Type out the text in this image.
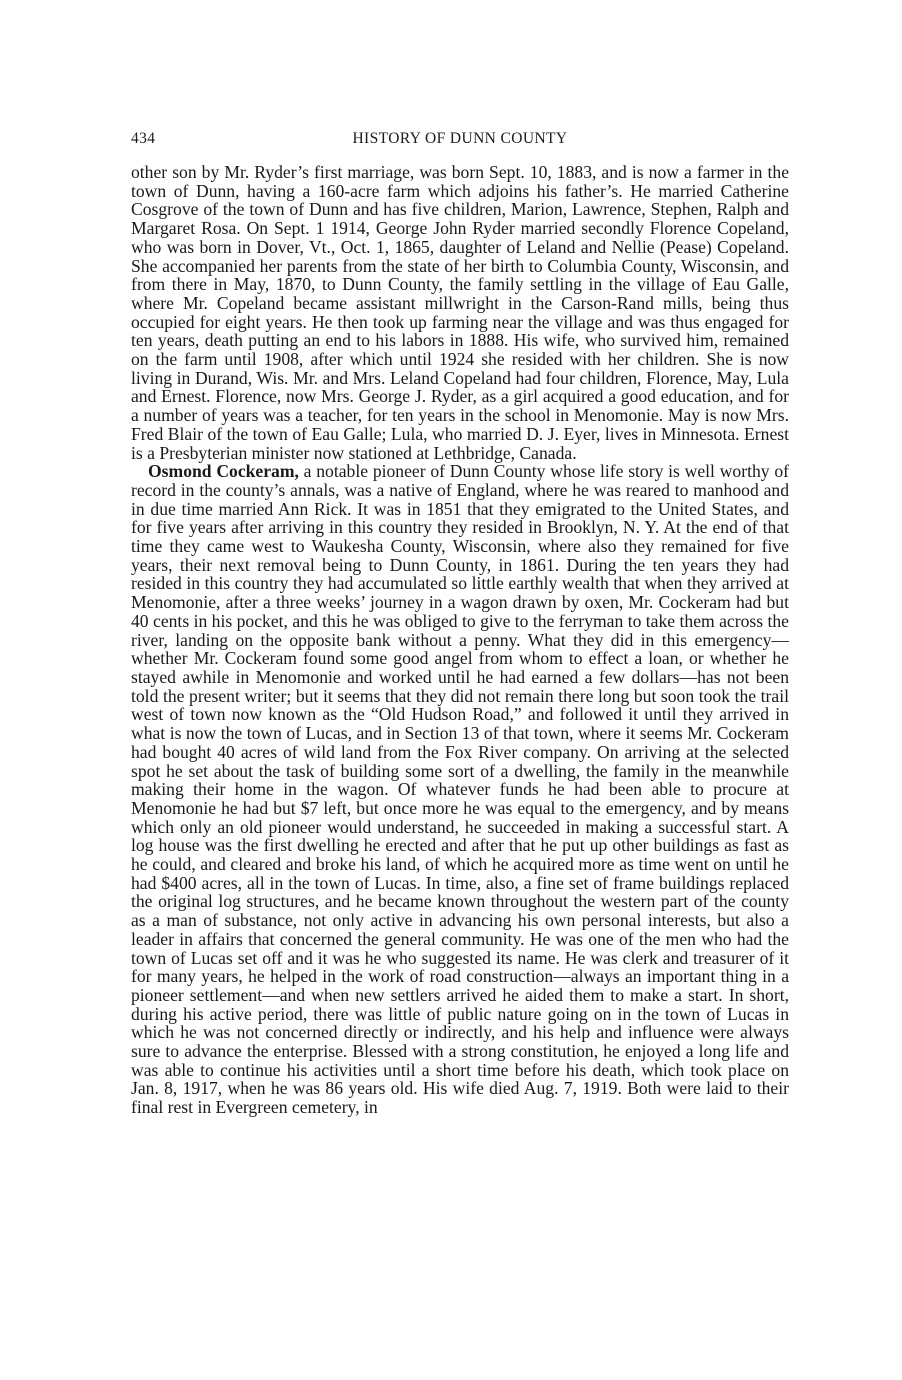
434	HISTORY OF DUNN COUNTY

other son by Mr. Ryder’s first marriage, was born Sept. 10, 1883, and is now a farmer in the town of Dunn, having a 160-acre farm which adjoins his father’s. He married Catherine Cosgrove of the town of Dunn and has five children, Marion, Lawrence, Stephen, Ralph and Margaret Rosa. On Sept. 1 1914, George John Ryder married secondly Florence Copeland, who was born in Dover, Vt., Oct. 1, 1865, daughter of Leland and Nellie (Pease) Copeland. She accompanied her parents from the state of her birth to Columbia County, Wisconsin, and from there in May, 1870, to Dunn County, the family settling in the village of Eau Galle, where Mr. Copeland became assistant millwright in the Carson-Rand mills, being thus occupied for eight years. He then took up farming near the village and was thus engaged for ten years, death putting an end to his labors in 1888. His wife, who survived him, remained on the farm until 1908, after which until 1924 she resided with her children. She is now living in Durand, Wis. Mr. and Mrs. Leland Copeland had four children, Florence, May, Lula and Ernest. Florence, now Mrs. George J. Ryder, as a girl acquired a good education, and for a number of years was a teacher, for ten years in the school in Menomonie. May is now Mrs. Fred Blair of the town of Eau Galle; Lula, who married D. J. Eyer, lives in Minnesota. Ernest is a Presbyterian minister now stationed at Lethbridge, Canada.

Osmond Cockeram, a notable pioneer of Dunn County whose life story is well worthy of record in the county’s annals, was a native of England, where he was reared to manhood and in due time married Ann Rick. It was in 1851 that they emigrated to the United States, and for five years after arriving in this country they resided in Brooklyn, N. Y. At the end of that time they came west to Waukesha County, Wisconsin, where also they remained for five years, their next removal being to Dunn County, in 1861. During the ten years they had resided in this country they had accumulated so little earthly wealth that when they arrived at Menomonie, after a three weeks’ journey in a wagon drawn by oxen, Mr. Cockeram had but 40 cents in his pocket, and this he was obliged to give to the ferryman to take them across the river, landing on the opposite bank without a penny. What they did in this emergency—whether Mr. Cockeram found some good angel from whom to effect a loan, or whether he stayed awhile in Menomonie and worked until he had earned a few dollars—has not been told the present writer; but it seems that they did not remain there long but soon took the trail west of town now known as the “Old Hudson Road,” and followed it until they arrived in what is now the town of Lucas, and in Section 13 of that town, where it seems Mr. Cockeram had bought 40 acres of wild land from the Fox River company. On arriving at the selected spot he set about the task of building some sort of a dwelling, the family in the meanwhile making their home in the wagon. Of whatever funds he had been able to procure at Menomonie he had but $7 left, but once more he was equal to the emergency, and by means which only an old pioneer would understand, he succeeded in making a successful start. A log house was the first dwelling he erected and after that he put up other buildings as fast as he could, and cleared and broke his land, of which he acquired more as time went on until he had $400 acres, all in the town of Lucas. In time, also, a fine set of frame buildings replaced the original log structures, and he became known throughout the western part of the county as a man of substance, not only active in advancing his own personal interests, but also a leader in affairs that concerned the general community. He was one of the men who had the town of Lucas set off and it was he who suggested its name. He was clerk and treasurer of it for many years, he helped in the work of road construction—always an important thing in a pioneer settlement—and when new settlers arrived he aided them to make a start. In short, during his active period, there was little of public nature going on in the town of Lucas in which he was not concerned directly or indirectly, and his help and influence were always sure to advance the enterprise. Blessed with a strong constitution, he enjoyed a long life and was able to continue his activities until a short time before his death, which took place on Jan. 8, 1917, when he was 86 years old. His wife died Aug. 7, 1919. Both were laid to their final rest in Evergreen cemetery, in
